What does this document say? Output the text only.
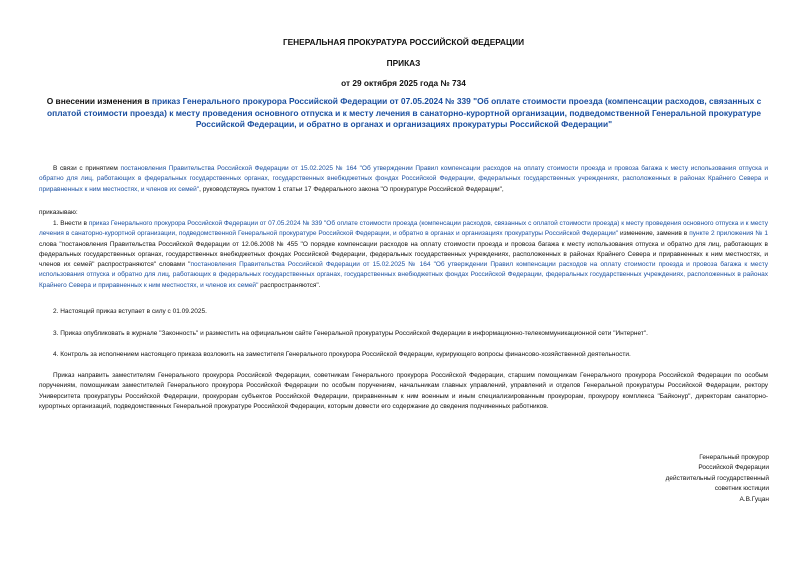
ГЕНЕРАЛЬНАЯ ПРОКУРАТУРА РОССИЙСКОЙ ФЕДЕРАЦИИ
ПРИКАЗ
от 29 октября 2025 года № 734
О внесении изменения в приказ Генерального прокурора Российской Федерации от 07.05.2024 № 339 "Об оплате стоимости проезда (компенсации расходов, связанных с оплатой стоимости проезда) к месту проведения основного отпуска и к месту лечения в санаторно-курортной организации, подведомственной Генеральной прокуратуре Российской Федерации, и обратно в органах и организациях прокуратуры Российской Федерации"
В связи с принятием постановления Правительства Российской Федерации от 15.02.2025 № 164 "Об утверждении Правил компенсации расходов на оплату стоимости проезда и провоза багажа к месту использования отпуска и обратно для лиц, работающих в федеральных государственных органах, государственных внебюджетных фондах Российской Федерации, федеральных государственных учреждениях, расположенных в районах Крайнего Севера и приравненных к ним местностях, и членов их семей", руководствуясь пунктом 1 статьи 17 Федерального закона "О прокуратуре Российской Федерации",
приказываю:
1. Внести в приказ Генерального прокурора Российской Федерации от 07.05.2024 № 339 "Об оплате стоимости проезда (компенсации расходов, связанных с оплатой стоимости проезда) к месту проведения основного отпуска и к месту лечения в санаторно-курортной организации, подведомственной Генеральной прокуратуре Российской Федерации, и обратно в органах и организациях прокуратуры Российской Федерации" изменение, заменив в пункте 2 приложения № 1 слова "постановления Правительства Российской Федерации от 12.06.2008 № 455 "О порядке компенсации расходов на оплату стоимости проезда и провоза багажа к месту использования отпуска и обратно для лиц, работающих в федеральных государственных органах, государственных внебюджетных фондах Российской Федерации, федеральных государственных учреждениях, расположенных в районах Крайнего Севера и приравненных к ним местностях, и членов их семей" распространяются" словами "постановления Правительства Российской Федерации от 15.02.2025 № 164 "Об утверждении Правил компенсации расходов на оплату стоимости проезда и провоза багажа к месту использования отпуска и обратно для лиц, работающих в федеральных государственных органах, государственных внебюджетных фондах Российской Федерации, федеральных государственных учреждениях, расположенных в районах Крайнего Севера и приравненных к ним местностях, и членов их семей" распространяются".
2. Настоящий приказ вступает в силу с 01.09.2025.
3. Приказ опубликовать в журнале "Законность" и разместить на официальном сайте Генеральной прокуратуры Российской Федерации в информационно-телекоммуникационной сети "Интернет".
4. Контроль за исполнением настоящего приказа возложить на заместителя Генерального прокурора Российской Федерации, курирующего вопросы финансово-хозяйственной деятельности.
Приказ направить заместителям Генерального прокурора Российской Федерации, советникам Генерального прокурора Российской Федерации, старшим помощникам Генерального прокурора Российской Федерации по особым поручениям, помощникам заместителей Генерального прокурора Российской Федерации по особым поручениям, начальникам главных управлений, управлений и отделов Генеральной прокуратуры Российской Федерации, ректору Университета прокуратуры Российской Федерации, прокурорам субъектов Российской Федерации, приравненным к ним военным и иным специализированным прокурорам, прокурору комплекса "Байконур", директорам санаторно-курортных организаций, подведомственных Генеральной прокуратуре Российской Федерации, которым довести его содержание до сведения подчиненных работников.
Генеральный прокурор
Российской Федерации
действительный государственный
советник юстиции
А.В.Гуцан
